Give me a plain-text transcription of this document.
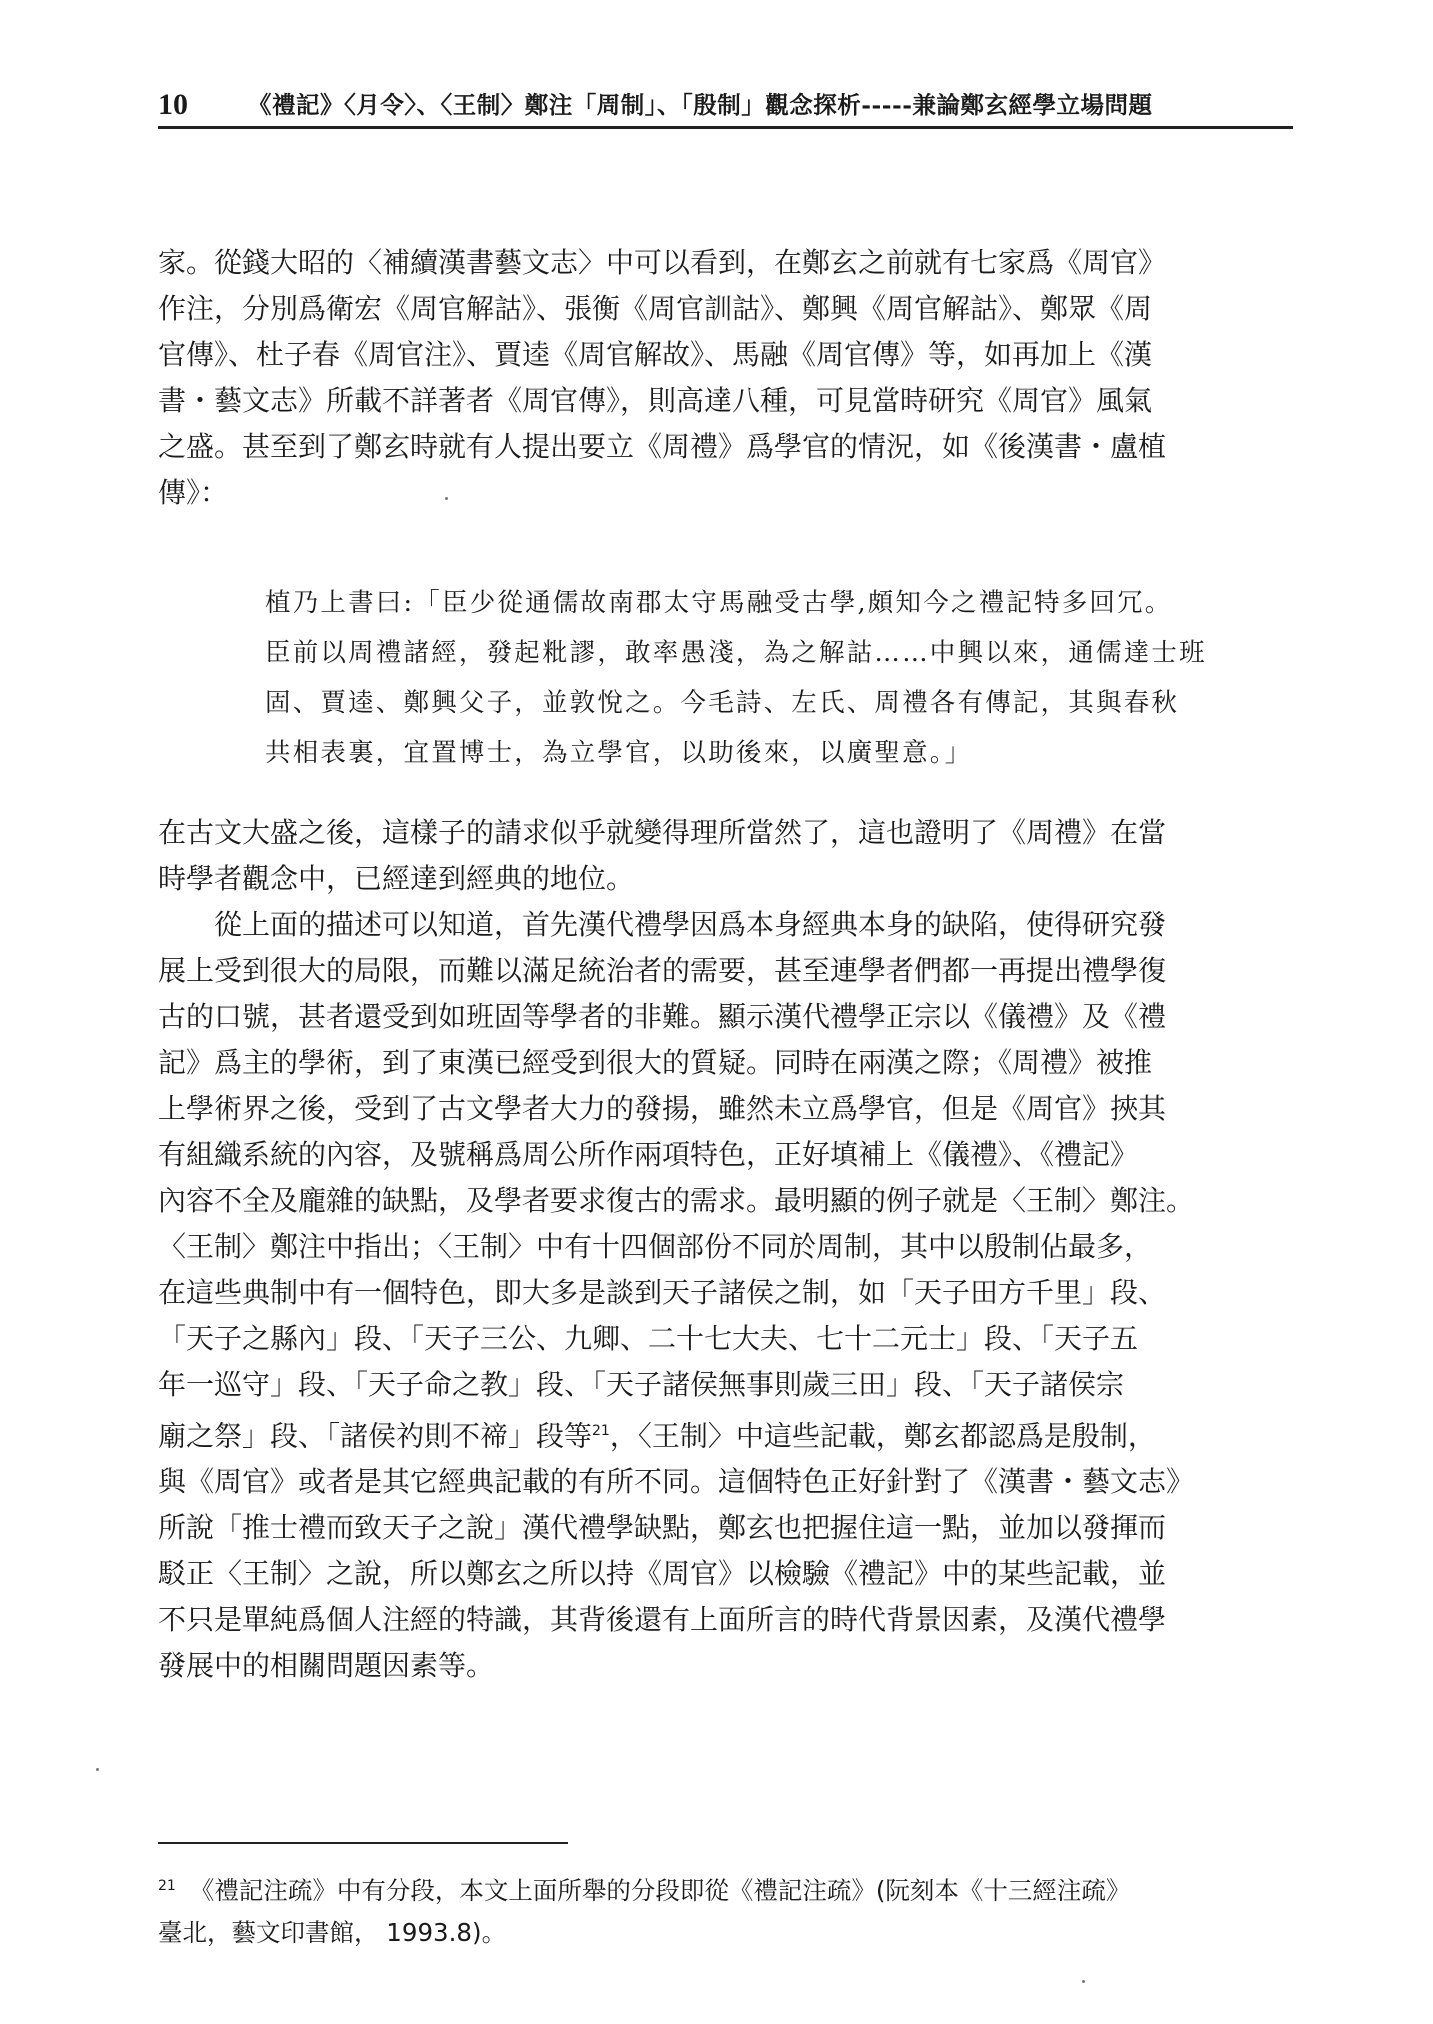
10	《禮記》〈月令〉、〈王制〉鄭注「周制」、「殷制」觀念探析-----兼論鄭玄經學立場問題

家。從錢大昭的〈補續漢書藝文志〉中可以看到，在鄭玄之前就有七家爲《周官》
作注，分別爲衛宏《周官解詁》、張衡《周官訓詁》、鄭興《周官解詁》、鄭眾《周
官傳》、杜子春《周官注》、賈逵《周官解故》、馬融《周官傳》等，如再加上《漢
書・藝文志》所載不詳著者《周官傳》，則高達八種，可見當時研究《周官》風氣
之盛。甚至到了鄭玄時就有人提出要立《周禮》爲學官的情況，如《後漢書・盧植
傳》：

植乃上書曰:「臣少從通儒故南郡太守馬融受古學,頗知今之禮記特多回冗。
臣前以周禮諸經，發起粃謬，敢率愚淺，為之解詁……中興以來，通儒達士班
固、賈逵、鄭興父子，並敦悅之。今毛詩、左氏、周禮各有傳記，其與春秋
共相表裏，宜置博士，為立學官，以助後來，以廣聖意。」

在古文大盛之後，這樣子的請求似乎就變得理所當然了，這也證明了《周禮》在當
時學者觀念中，已經達到經典的地位。

從上面的描述可以知道，首先漢代禮學因爲本身經典本身的缺陷，使得研究發
展上受到很大的局限，而難以滿足統治者的需要，甚至連學者們都一再提出禮學復
古的口號，甚者還受到如班固等學者的非難。顯示漢代禮學正宗以《儀禮》及《禮
記》爲主的學術，到了東漢已經受到很大的質疑。同時在兩漢之際；《周禮》被推
上學術界之後，受到了古文學者大力的發揚，雖然未立爲學官，但是《周官》挾其
有組織系統的內容，及號稱爲周公所作兩項特色，正好填補上《儀禮》、《禮記》
內容不全及龐雜的缺點，及學者要求復古的需求。最明顯的例子就是〈王制〉鄭注。
〈王制〉鄭注中指出；〈王制〉中有十四個部份不同於周制，其中以殷制佔最多，
在這些典制中有一個特色，即大多是談到天子諸侯之制，如「天子田方千里」段、
「天子之縣內」段、「天子三公、九卿、二十七大夫、七十二元士」段、「天子五
年一巡守」段、「天子命之教」段、「天子諸侯無事則歲三田」段、「天子諸侯宗
廟之祭」段、「諸侯礿則不禘」段等$^{21}$，〈王制〉中這些記載，鄭玄都認爲是殷制，
與《周官》或者是其它經典記載的有所不同。這個特色正好針對了《漢書・藝文志》
所說「推士禮而致天子之說」漢代禮學缺點，鄭玄也把握住這一點，並加以發揮而
駁正〈王制〉之說，所以鄭玄之所以持《周官》以檢驗《禮記》中的某些記載，並
不只是單純爲個人注經的特識，其背後還有上面所言的時代背景因素，及漢代禮學
發展中的相關問題因素等。

$^{21}$ 《禮記注疏》中有分段，本文上面所舉的分段即從《禮記注疏》(阮刻本《十三經注疏》
臺北，藝文印書館， 1993.8)。
